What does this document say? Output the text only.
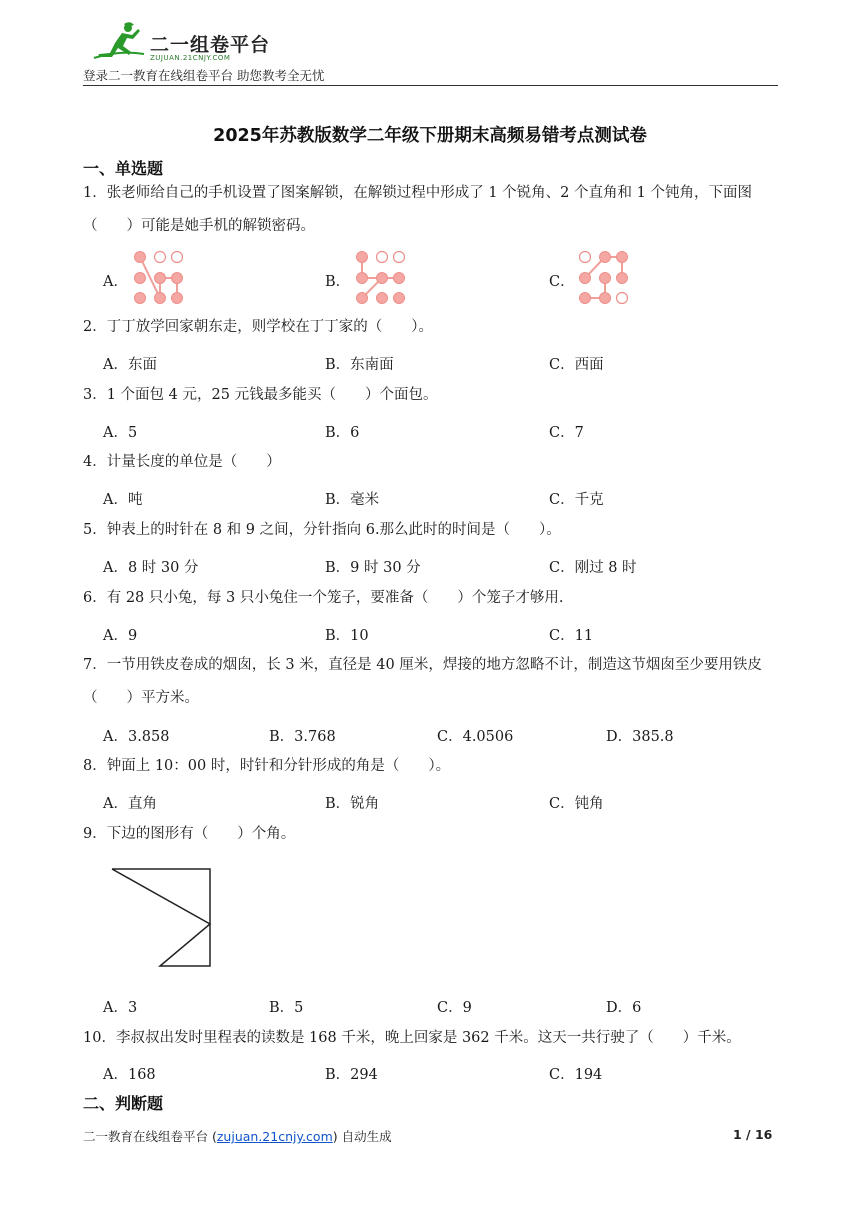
二一组卷平台
ZUJUAN.21CNJY.COM
登录二一教育在线组卷平台 助您教考全无忧
2025年苏教版数学二年级下册期末高频易错考点测试卷
一、单选题
1．张老师给自己的手机设置了图案解锁，在解锁过程中形成了 1 个锐角、2 个直角和 1 个钝角，下面图（　　）可能是她手机的解锁密码。
A．	B．	C．
2．丁丁放学回家朝东走，则学校在丁丁家的（　　）。
A．东面	B．东南面	C．西面
3．1 个面包 4 元，25 元钱最多能买（　　）个面包。
A．5	B．6	C．7
4．计量长度的单位是（　　）
A．吨	B．毫米	C．千克
5．钟表上的时针在 8 和 9 之间，分针指向 6.那么此时的时间是（　　）。
A．8 时 30 分	B．9 时 30 分	C．刚过 8 时
6．有 28 只小兔，每 3 只小兔住一个笼子，要准备（　　）个笼子才够用.
A．9	B．10	C．11
7．一节用铁皮卷成的烟囱，长 3 米，直径是 40 厘米，焊接的地方忽略不计，制造这节烟囱至少要用铁皮（　　）平方米。
A．3.858	B．3.768	C．4.0506	D．385.8
8．钟面上 10：00 时，时针和分针形成的角是（　　）。
A．直角	B．锐角	C．钝角
9．下边的图形有（　　）个角。
A．3	B．5	C．9	D．6
10．李叔叔出发时里程表的读数是 168 千米，晚上回家是 362 千米。这天一共行驶了（　　）千米。
A．168	B．294	C．194
二、判断题
二一教育在线组卷平台 (zujuan.21cnjy.com) 自动生成	1 / 16
